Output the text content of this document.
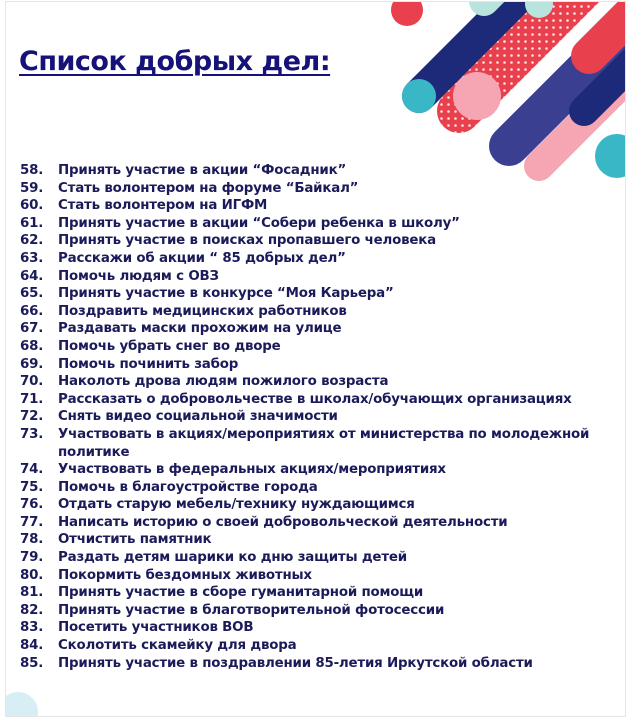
Список добрых дел:
58.	Принять участие в акции “Фосадник”
59.	Стать волонтером на форуме “Байкал”
60.	Стать волонтером на ИГФМ
61.	Принять участие в акции “Собери ребенка в школу”
62.	Принять участие в поисках пропавшего человека
63.	Расскажи об акции “ 85 добрых дел”
64.	Помочь людям с ОВЗ
65.	Принять участие в конкурсе “Моя Карьера”
66.	Поздравить медицинских работников
67.	Раздавать маски прохожим на улице
68.	Помочь убрать снег во дворе
69.	Помочь починить забор
70.	Наколоть дрова людям пожилого возраста
71.	Рассказать о добровольчестве в школах/обучающих организациях
72.	Снять видео социальной значимости
73.	Участвовать в акциях/мероприятиях от министерства по молодежной политике
74.	Участвовать в федеральных акциях/мероприятиях
75.	Помочь в благоустройстве города
76.	Отдать старую мебель/технику нуждающимся
77.	Написать историю о своей добровольческой деятельности
78.	Отчистить памятник
79.	Раздать детям шарики ко дню защиты детей
80.	Покормить бездомных животных
81.	Принять участие в сборе гуманитарной помощи
82.	Принять участие в благотворительной фотосессии
83.	Посетить участников ВОВ
84.	Сколотить скамейку для двора
85.	Принять участие в поздравлении 85-летия Иркутской области
